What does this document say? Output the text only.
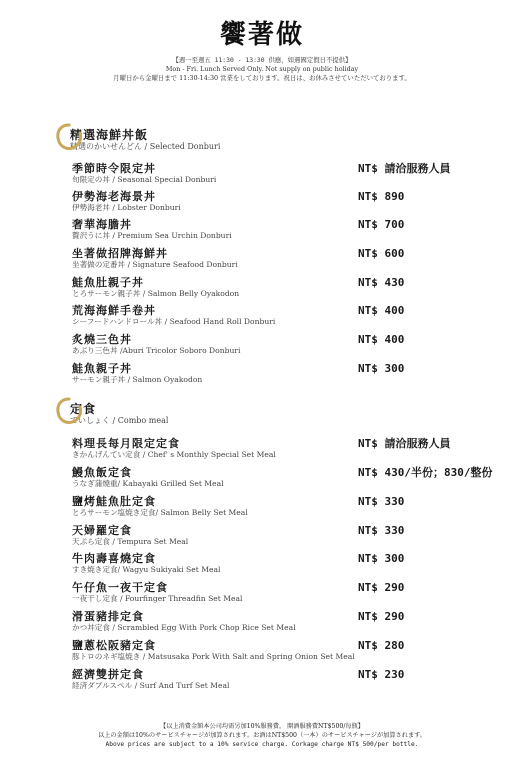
饗著做
【週一至週五 11:30 - 13:30 供應，如遇國定假日不提供】
Mon - Fri. Lunch Served Only. Not supply on public holiday
月曜日から金曜日まで 11:30-14:30 営業をしております。祝日は、お休みさせていただいております。
精選海鮮丼飯
精選のかいせんどん / Selected Donburi
季節時令限定丼
旬限定の丼 / Seasonal Special Donburi
NT$ 請洽服務人員
伊勢海老海景丼
伊勢海老丼 / Lobster Donburi
NT$ 890
奢華海膽丼
贅沢うに丼 / Premium Sea Urchin Donburi
NT$ 700
坐著做招牌海鮮丼
坐著做の定番丼 / Signature Seafood Donburi
NT$ 600
鮭魚肚親子丼
とろサーモン親子丼 / Salmon Belly Oyakodon
NT$ 430
荒海海鮮手卷丼
シーフードハンドロール丼 / Seafood Hand Roll Donburi
NT$ 400
炙燒三色丼
あぶり三色丼 /Aburi Tricolor Soboro Donburi
NT$ 400
鮭魚親子丼
サーモン親子丼 / Salmon Oyakodon
NT$ 300
定食
ていしょく / Combo meal
料理長每月限定定食
きかんげんてい定食 / Chef' s Monthly Special Set Meal
NT$ 請洽服務人員
鰻魚飯定食
うなぎ蒲燒重/ Kabayaki Grilled Set Meal
NT$ 430/半份；830/整份
鹽烤鮭魚肚定食
とろサーモン塩焼き定食/ Salmon Belly Set Meal
NT$ 330
天婦羅定食
天ぷら定食 / Tempura Set Meal
NT$ 330
牛肉壽喜燒定食
すき焼き定食/ Wagyu Sukiyaki Set Meal
NT$ 300
午仔魚一夜干定食
一夜干し定食 / Fourfinger Threadfin Set Meal
NT$ 290
滑蛋豬排定食
かつ丼定食 / Scrambled Egg With Pork Chop Rice Set Meal
NT$ 290
鹽蔥松阪豬定食
豚トロのネギ塩焼き / Matsusaka Pork With Salt and Spring Onion Set Meal
NT$ 280
經濟雙拼定食
経済ダブルスペル / Surf And Turf Set Meal
NT$ 230
【以上消費金額本公司均需另加10%服務費， 開酒服務費NT$500/每瓶】
以上の金額は10%のサービスチャージが加算されます。お酒はNT$500（一本）のサービスチャージが加算されます。
Above prices are subject to a 10% service charge. Corkage charge NT$ 500/per bottle.
